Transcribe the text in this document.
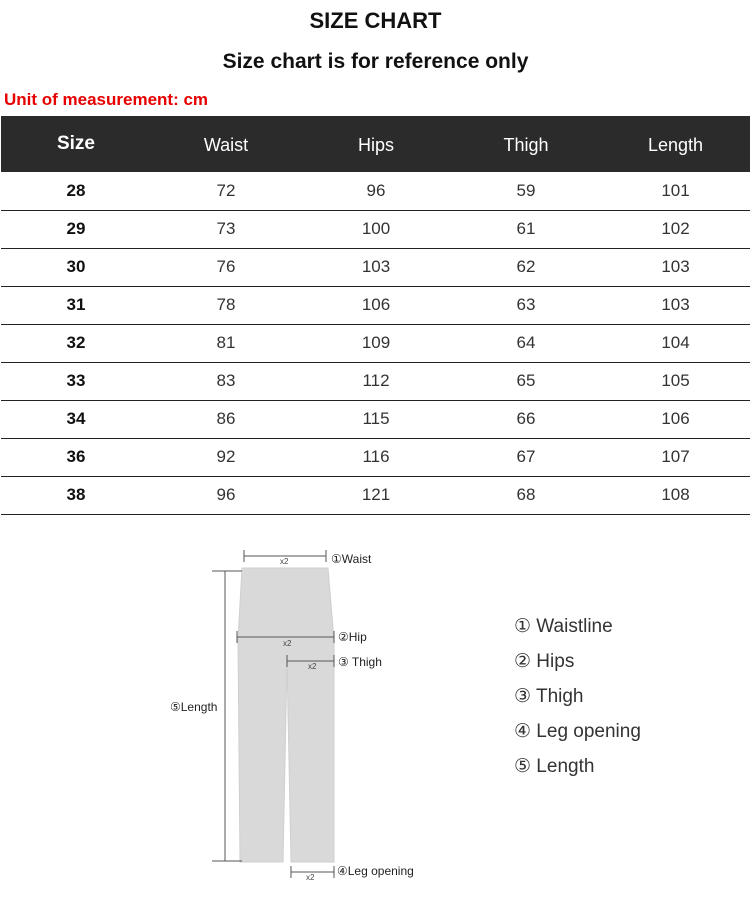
SIZE CHART
Size chart is for reference only
Unit of measurement: cm
Size	Waist	Hips	Thigh	Length
28	72	96	59	101
29	73	100	61	102
30	76	103	62	103
31	78	106	63	103
32	81	109	64	104
33	83	112	65	105
34	86	115	66	106
36	92	116	67	107
38	96	121	68	108
x2
x2
x2
x2
①Waist
②Hip
③ Thigh
⑤Length
④Leg opening
① Waistline
② Hips
③ Thigh
④ Leg opening
⑤ Length
